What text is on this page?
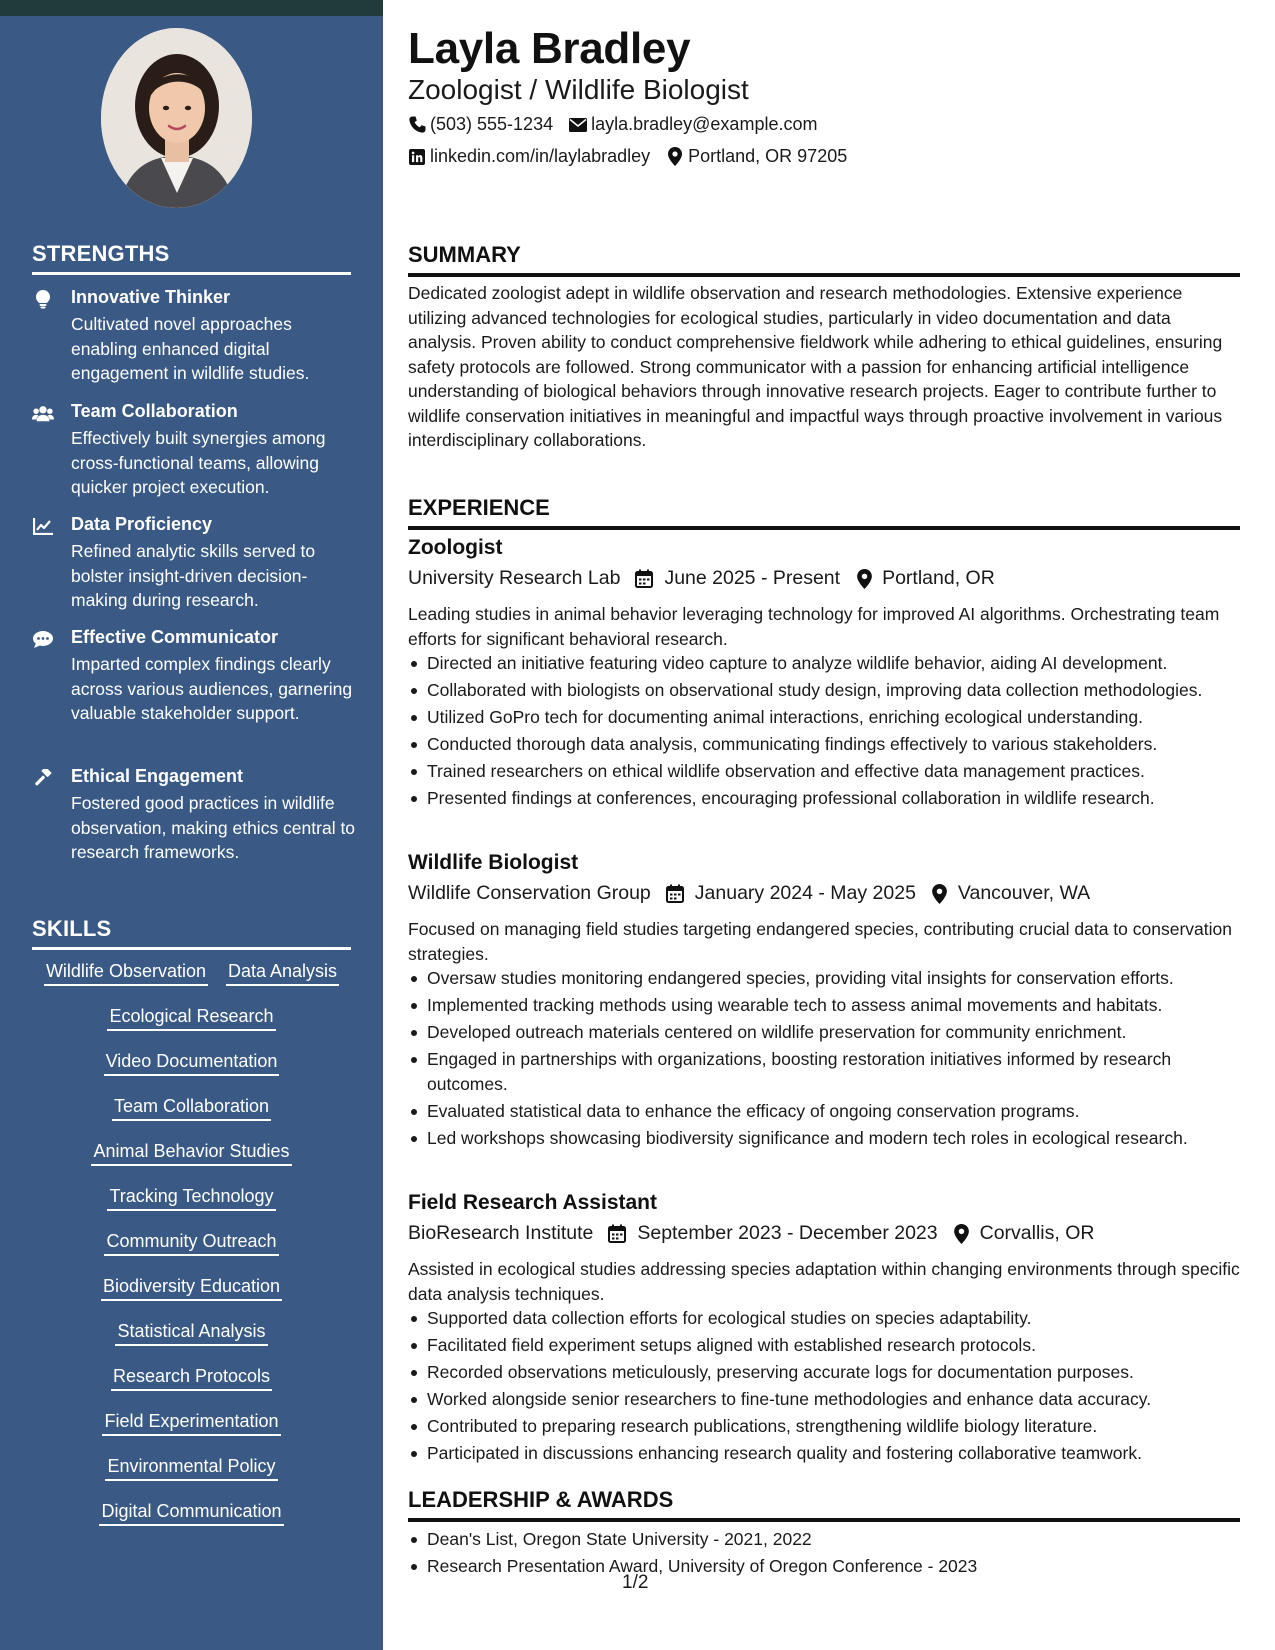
STRENGTHS
Innovative Thinker
Cultivated novel approaches enabling enhanced digital engagement in wildlife studies.
Team Collaboration
Effectively built synergies among cross-functional teams, allowing quicker project execution.
Data Proficiency
Refined analytic skills served to bolster insight-driven decision-making during research.
Effective Communicator
Imparted complex findings clearly across various audiences, garnering valuable stakeholder support.
Ethical Engagement
Fostered good practices in wildlife observation, making ethics central to research frameworks.
SKILLS
Wildlife Observation Data Analysis
Ecological Research
Video Documentation
Team Collaboration
Animal Behavior Studies
Tracking Technology
Community Outreach
Biodiversity Education
Statistical Analysis
Research Protocols
Field Experimentation
Environmental Policy
Digital Communication
Layla Bradley
Zoologist / Wildlife Biologist
(503) 555-1234 layla.bradley@example.com
linkedin.com/in/laylabradley Portland, OR 97205
SUMMARY
Dedicated zoologist adept in wildlife observation and research methodologies. Extensive experience utilizing advanced technologies for ecological studies, particularly in video documentation and data analysis. Proven ability to conduct comprehensive fieldwork while adhering to ethical guidelines, ensuring safety protocols are followed. Strong communicator with a passion for enhancing artificial intelligence understanding of biological behaviors through innovative research projects. Eager to contribute further to wildlife conservation initiatives in meaningful and impactful ways through proactive involvement in various interdisciplinary collaborations.
EXPERIENCE
Zoologist
University Research Lab June 2025 - Present Portland, OR
Leading studies in animal behavior leveraging technology for improved AI algorithms. Orchestrating team efforts for significant behavioral research.
Directed an initiative featuring video capture to analyze wildlife behavior, aiding AI development.
Collaborated with biologists on observational study design, improving data collection methodologies.
Utilized GoPro tech for documenting animal interactions, enriching ecological understanding.
Conducted thorough data analysis, communicating findings effectively to various stakeholders.
Trained researchers on ethical wildlife observation and effective data management practices.
Presented findings at conferences, encouraging professional collaboration in wildlife research.
Wildlife Biologist
Wildlife Conservation Group January 2024 - May 2025 Vancouver, WA
Focused on managing field studies targeting endangered species, contributing crucial data to conservation strategies.
Oversaw studies monitoring endangered species, providing vital insights for conservation efforts.
Implemented tracking methods using wearable tech to assess animal movements and habitats.
Developed outreach materials centered on wildlife preservation for community enrichment.
Engaged in partnerships with organizations, boosting restoration initiatives informed by research outcomes.
Evaluated statistical data to enhance the efficacy of ongoing conservation programs.
Led workshops showcasing biodiversity significance and modern tech roles in ecological research.
Field Research Assistant
BioResearch Institute September 2023 - December 2023 Corvallis, OR
Assisted in ecological studies addressing species adaptation within changing environments through specific data analysis techniques.
Supported data collection efforts for ecological studies on species adaptability.
Facilitated field experiment setups aligned with established research protocols.
Recorded observations meticulously, preserving accurate logs for documentation purposes.
Worked alongside senior researchers to fine-tune methodologies and enhance data accuracy.
Contributed to preparing research publications, strengthening wildlife biology literature.
Participated in discussions enhancing research quality and fostering collaborative teamwork.
LEADERSHIP & AWARDS
Dean's List, Oregon State University - 2021, 2022
Research Presentation Award, University of Oregon Conference - 2023
1/2
